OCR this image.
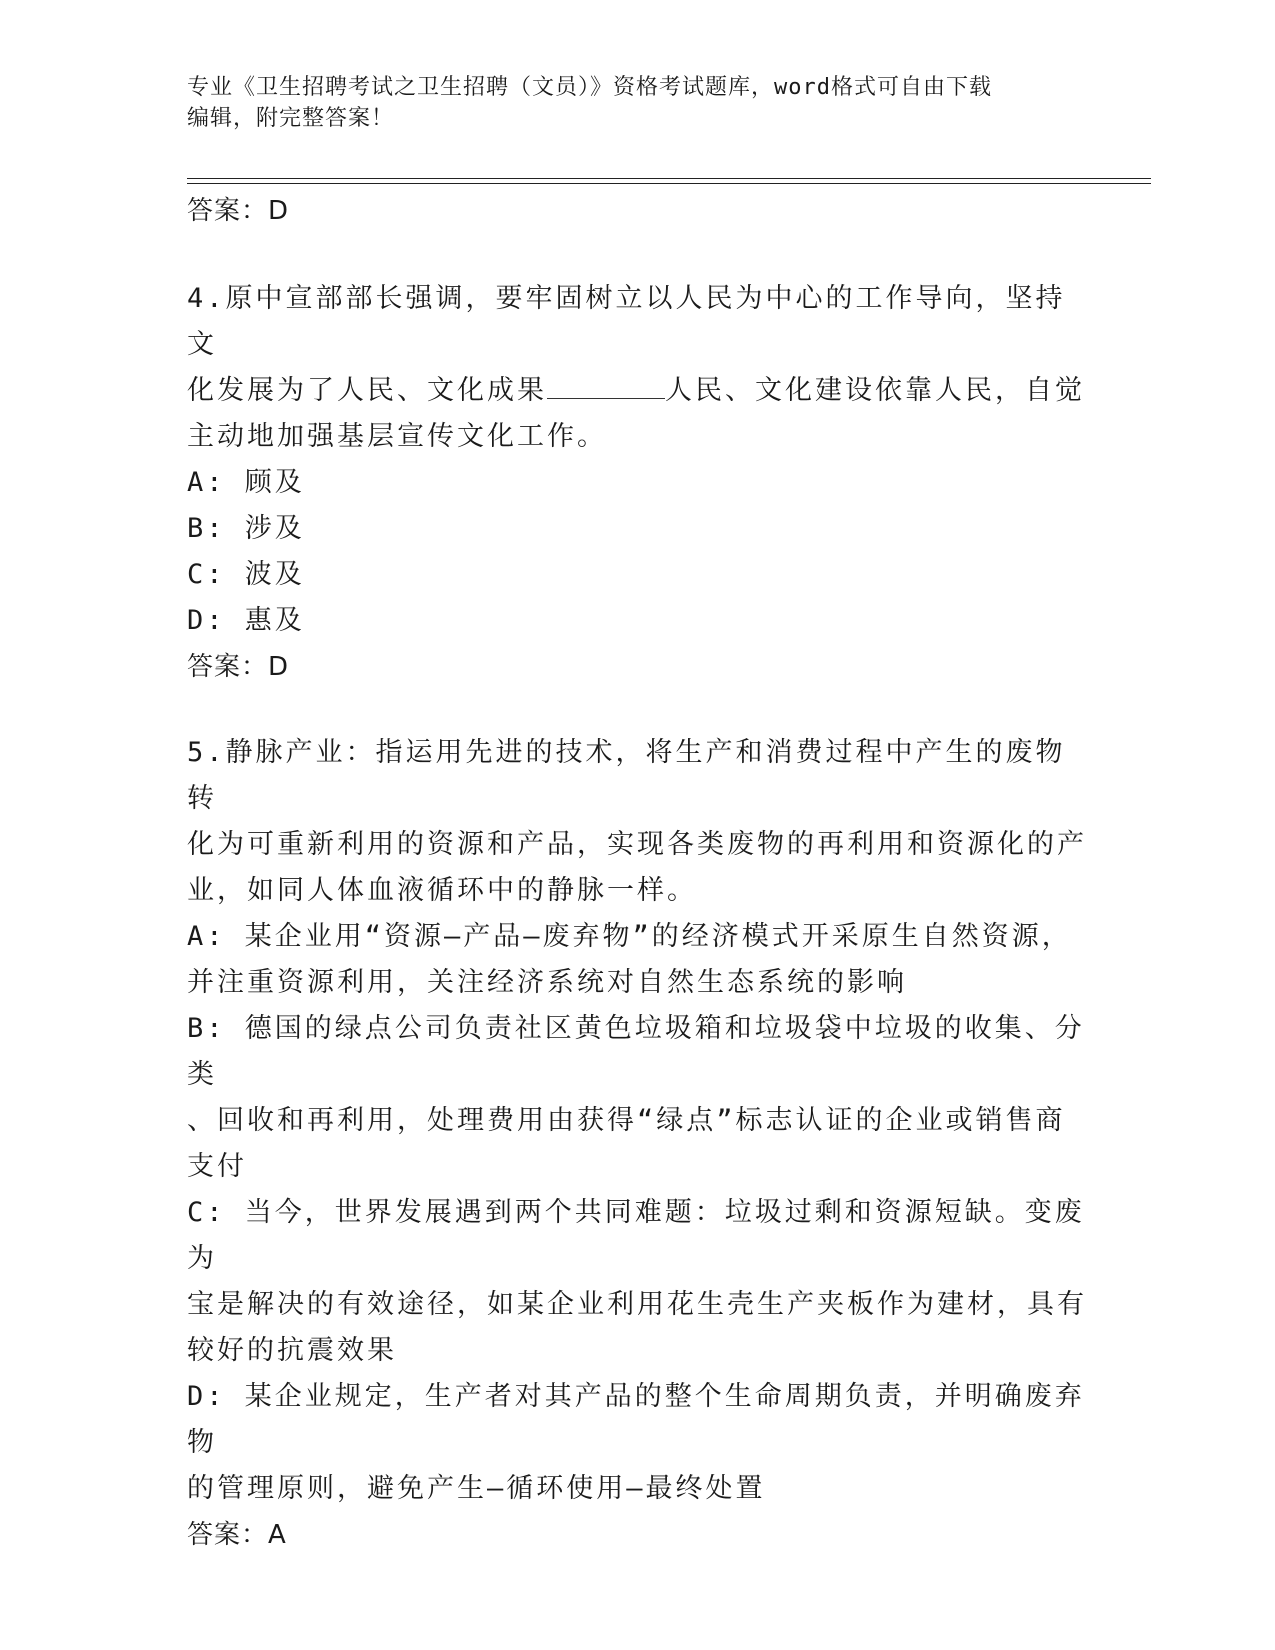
专业《卫生招聘考试之卫生招聘（文员）》资格考试题库，word格式可自由下载
编辑，附完整答案！
答案：D
4.原中宣部部长强调，要牢固树立以人民为中心的工作导向，坚持文
化发展为了人民、文化成果	人民、文化建设依靠人民，自觉
主动地加强基层宣传文化工作。
A: 顾及
B: 涉及
C: 波及
D: 惠及
答案：D
5.静脉产业：指运用先进的技术，将生产和消费过程中产生的废物转
化为可重新利用的资源和产品，实现各类废物的再利用和资源化的产
业，如同人体血液循环中的静脉一样。
A: 某企业用“资源—产品—废弃物”的经济模式开采原生自然资源，
并注重资源利用，关注经济系统对自然生态系统的影响
B: 德国的绿点公司负责社区黄色垃圾箱和垃圾袋中垃圾的收集、分类
、回收和再利用，处理费用由获得“绿点”标志认证的企业或销售商
支付
C: 当今，世界发展遇到两个共同难题：垃圾过剩和资源短缺。变废为
宝是解决的有效途径，如某企业利用花生壳生产夹板作为建材，具有
较好的抗震效果
D: 某企业规定，生产者对其产品的整个生命周期负责，并明确废弃物
的管理原则，避免产生—循环使用—最终处置
答案：A
